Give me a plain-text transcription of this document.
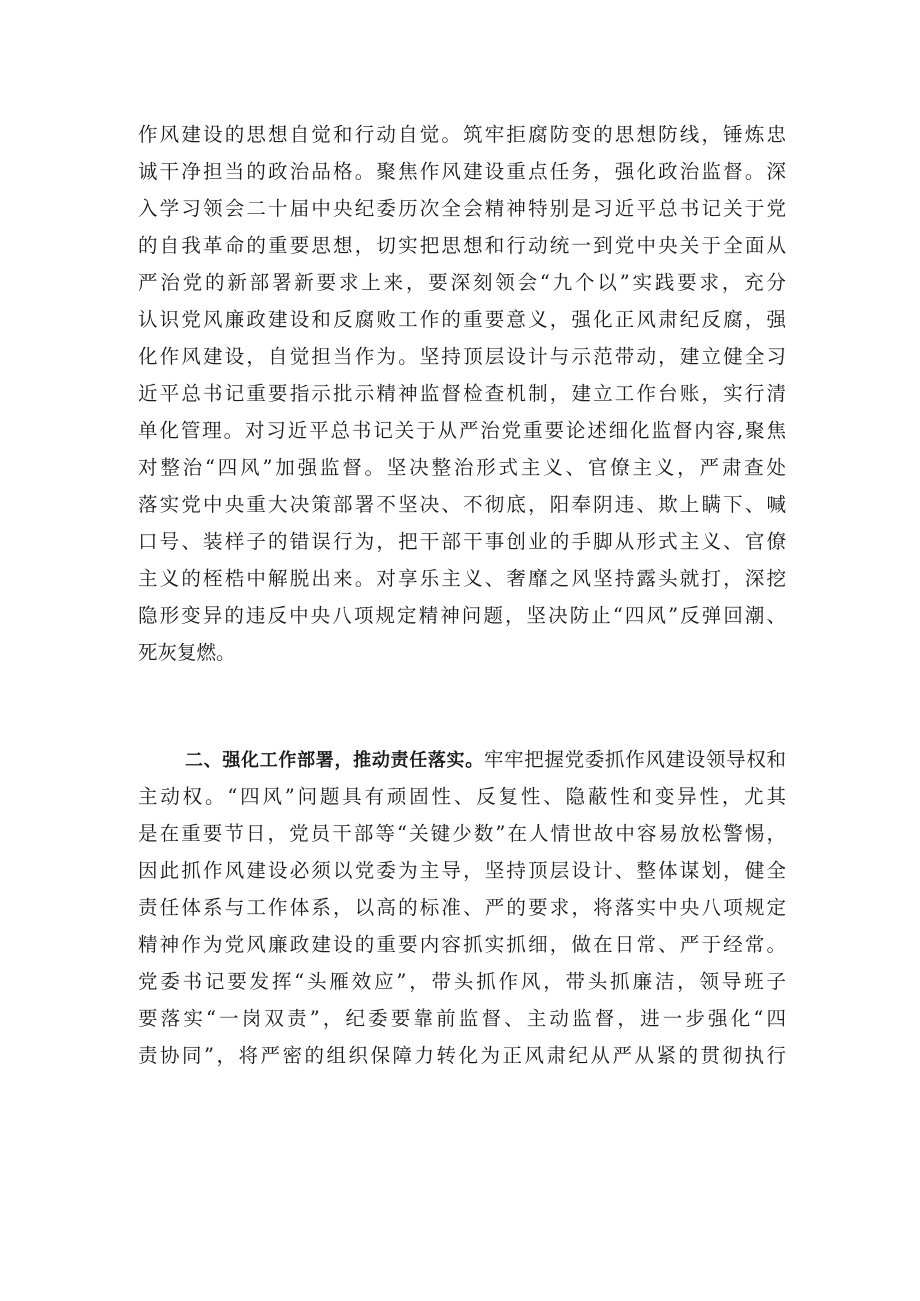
作风建设的思想自觉和行动自觉。筑牢拒腐防变的思想防线，锤炼忠
诚干净担当的政治品格。聚焦作风建设重点任务，强化政治监督。深
入学习领会二十届中央纪委历次全会精神特别是习近平总书记关于党
的自我革命的重要思想，切实把思想和行动统一到党中央关于全面从
严治党的新部署新要求上来，要深刻领会“九个以”实践要求，充分
认识党风廉政建设和反腐败工作的重要意义，强化正风肃纪反腐，强
化作风建设，自觉担当作为。坚持顶层设计与示范带动，建立健全习
近平总书记重要指示批示精神监督检查机制，建立工作台账，实行清
单化管理。对习近平总书记关于从严治党重要论述细化监督内容,聚焦
对整治“四风”加强监督。坚决整治形式主义、官僚主义，严肃查处
落实党中央重大决策部署不坚决、不彻底，阳奉阴违、欺上瞒下、喊
口号、装样子的错误行为，把干部干事创业的手脚从形式主义、官僚
主义的桎梏中解脱出来。对享乐主义、奢靡之风坚持露头就打，深挖
隐形变异的违反中央八项规定精神问题，坚决防止“四风”反弹回潮、
死灰复燃。
二、强化工作部署，推动责任落实。牢牢把握党委抓作风建设领导权和
主动权。“四风”问题具有顽固性、反复性、隐蔽性和变异性，尤其
是在重要节日，党员干部等“关键少数”在人情世故中容易放松警惕，
因此抓作风建设必须以党委为主导，坚持顶层设计、整体谋划，健全
责任体系与工作体系，以高的标准、严的要求，将落实中央八项规定
精神作为党风廉政建设的重要内容抓实抓细，做在日常、严于经常。
党委书记要发挥“头雁效应”，带头抓作风，带头抓廉洁，领导班子
要落实“一岗双责”，纪委要靠前监督、主动监督，进一步强化“四
责协同”，将严密的组织保障力转化为正风肃纪从严从紧的贯彻执行
